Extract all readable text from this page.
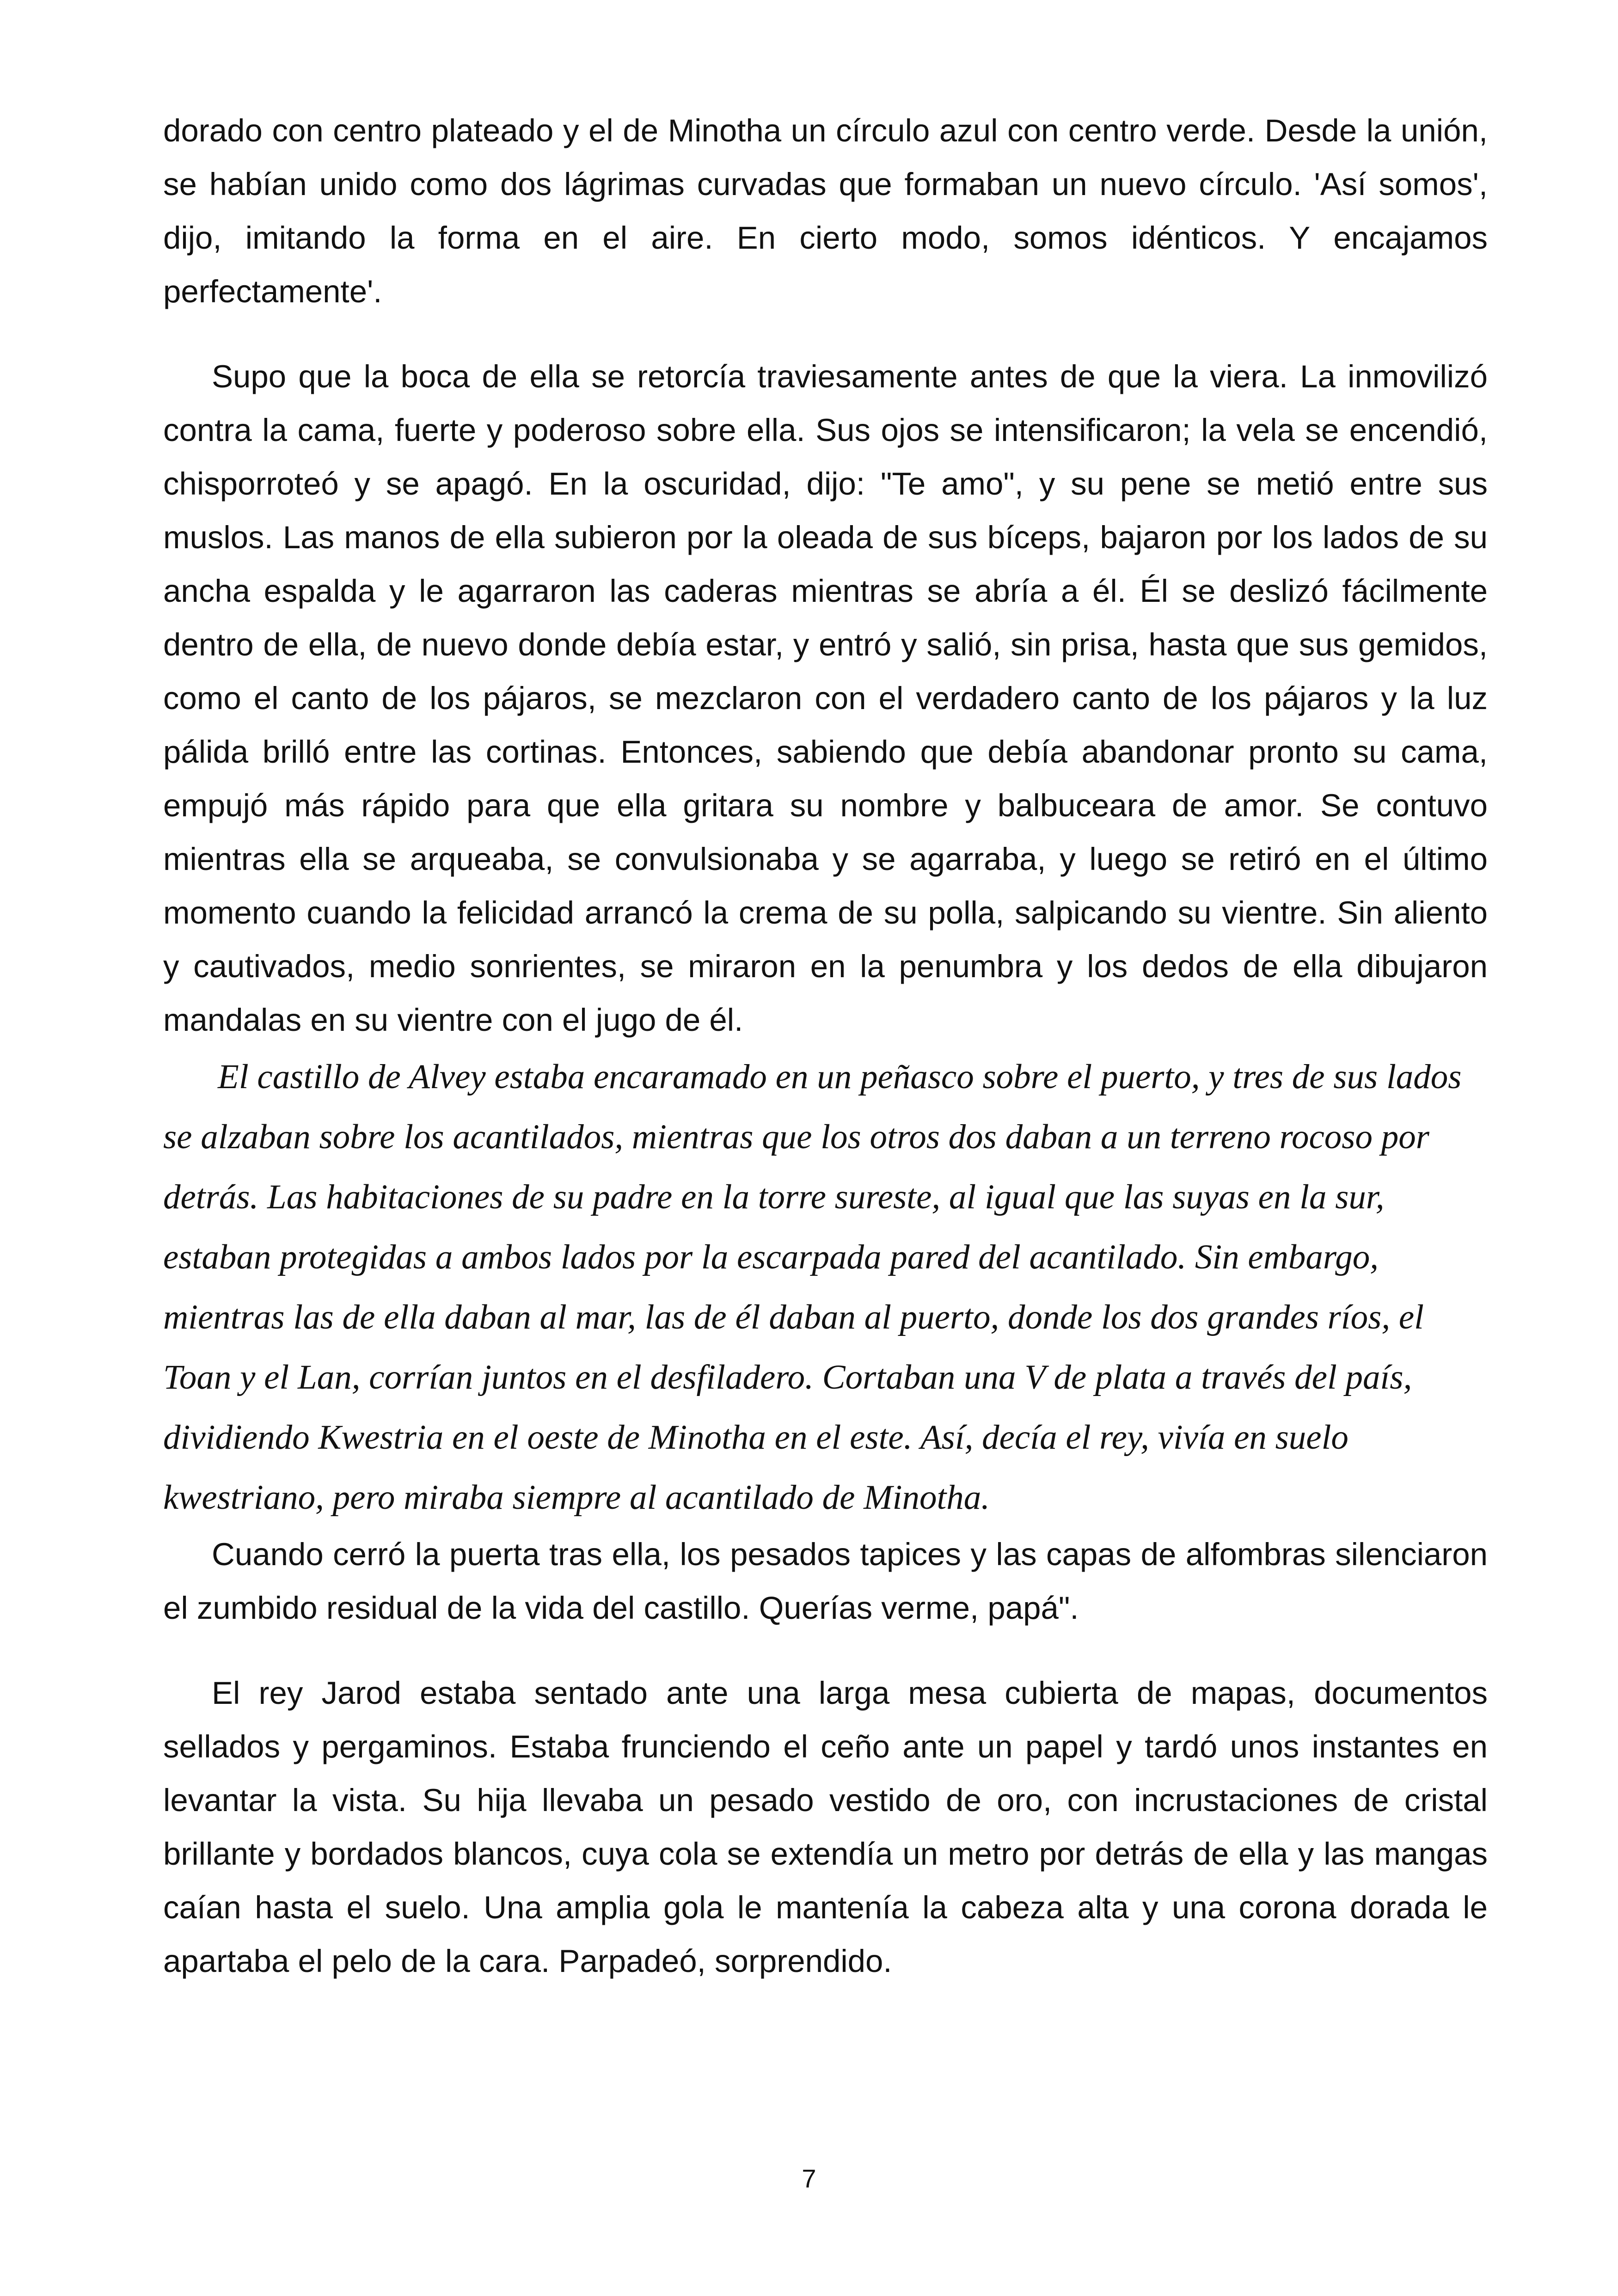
dorado con centro plateado y el de Minotha un círculo azul con centro verde. Desde la unión, se habían unido como dos lágrimas curvadas que formaban un nuevo círculo. 'Así somos', dijo, imitando la forma en el aire. En cierto modo, somos idénticos. Y encajamos perfectamente'.

Supo que la boca de ella se retorcía traviesamente antes de que la viera. La inmovilizó contra la cama, fuerte y poderoso sobre ella. Sus ojos se intensificaron; la vela se encendió, chisporroteó y se apagó. En la oscuridad, dijo: "Te amo", y su pene se metió entre sus muslos. Las manos de ella subieron por la oleada de sus bíceps, bajaron por los lados de su ancha espalda y le agarraron las caderas mientras se abría a él. Él se deslizó fácilmente dentro de ella, de nuevo donde debía estar, y entró y salió, sin prisa, hasta que sus gemidos, como el canto de los pájaros, se mezclaron con el verdadero canto de los pájaros y la luz pálida brilló entre las cortinas. Entonces, sabiendo que debía abandonar pronto su cama, empujó más rápido para que ella gritara su nombre y balbuceara de amor. Se contuvo mientras ella se arqueaba, se convulsionaba y se agarraba, y luego se retiró en el último momento cuando la felicidad arrancó la crema de su polla, salpicando su vientre. Sin aliento y cautivados, medio sonrientes, se miraron en la penumbra y los dedos de ella dibujaron mandalas en su vientre con el jugo de él.

El castillo de Alvey estaba encaramado en un peñasco sobre el puerto, y tres de sus lados se alzaban sobre los acantilados, mientras que los otros dos daban a un terreno rocoso por detrás. Las habitaciones de su padre en la torre sureste, al igual que las suyas en la sur, estaban protegidas a ambos lados por la escarpada pared del acantilado. Sin embargo, mientras las de ella daban al mar, las de él daban al puerto, donde los dos grandes ríos, el Toan y el Lan, corrían juntos en el desfiladero. Cortaban una V de plata a través del país, dividiendo Kwestria en el oeste de Minotha en el este. Así, decía el rey, vivía en suelo kwestriano, pero miraba siempre al acantilado de Minotha.

Cuando cerró la puerta tras ella, los pesados tapices y las capas de alfombras silenciaron el zumbido residual de la vida del castillo. Querías verme, papá".

El rey Jarod estaba sentado ante una larga mesa cubierta de mapas, documentos sellados y pergaminos. Estaba frunciendo el ceño ante un papel y tardó unos instantes en levantar la vista. Su hija llevaba un pesado vestido de oro, con incrustaciones de cristal brillante y bordados blancos, cuya cola se extendía un metro por detrás de ella y las mangas caían hasta el suelo. Una amplia gola le mantenía la cabeza alta y una corona dorada le apartaba el pelo de la cara. Parpadeó, sorprendido.

7
